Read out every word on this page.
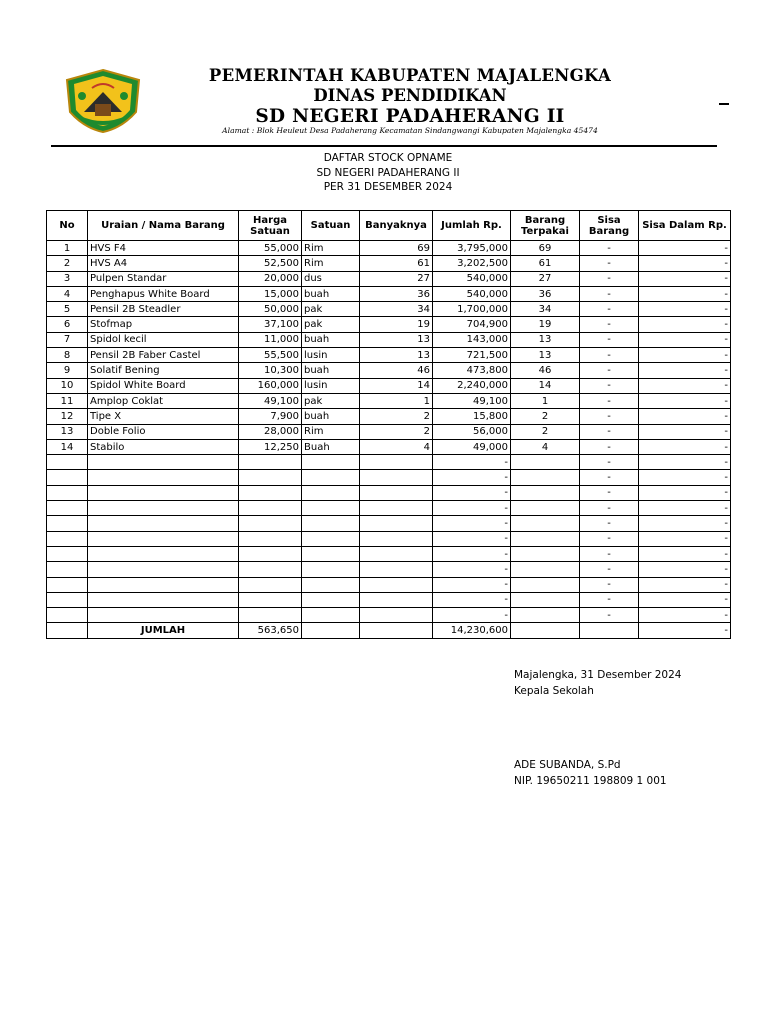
PEMERINTAH KABUPATEN MAJALENGKA
DINAS PENDIDIKAN
SD NEGERI PADAHERANG II
Alamat : Blok Heuleut Desa Padaherang Kecamatan Sindangwangi Kabupaten Majalengka 45474
DAFTAR STOCK OPNAME
SD NEGERI PADAHERANG II
PER 31 DESEMBER 2024
No	Uraian / Nama Barang	Harga Satuan	Satuan	Banyaknya	Jumlah Rp.	Barang Terpakai	Sisa Barang	Sisa Dalam Rp.
1	HVS F4	55,000	Rim	69	3,795,000	69	-	-
2	HVS A4	52,500	Rim	61	3,202,500	61	-	-
3	Pulpen Standar	20,000	dus	27	540,000	27	-	-
4	Penghapus White Board	15,000	buah	36	540,000	36	-	-
5	Pensil 2B Steadler	50,000	pak	34	1,700,000	34	-	-
6	Stofmap	37,100	pak	19	704,900	19	-	-
7	Spidol kecil	11,000	buah	13	143,000	13	-	-
8	Pensil 2B Faber Castel	55,500	lusin	13	721,500	13	-	-
9	Solatif Bening	10,300	buah	46	473,800	46	-	-
10	Spidol White Board	160,000	lusin	14	2,240,000	14	-	-
11	Amplop Coklat	49,100	pak	1	49,100	1	-	-
12	Tipe X	7,900	buah	2	15,800	2	-	-
13	Doble Folio	28,000	Rim	2	56,000	2	-	-
14	Stabilo	12,250	Buah	4	49,000	4	-	-
					-		-	-
					-		-	-
					-		-	-
					-		-	-
					-		-	-
					-		-	-
					-		-	-
					-		-	-
					-		-	-
					-		-	-
					-		-	-
	JUMLAH	563,650			14,230,600			-
Majalengka, 31 Desember 2024
Kepala Sekolah
ADE SUBANDA, S.Pd
NIP. 19650211 198809 1 001
